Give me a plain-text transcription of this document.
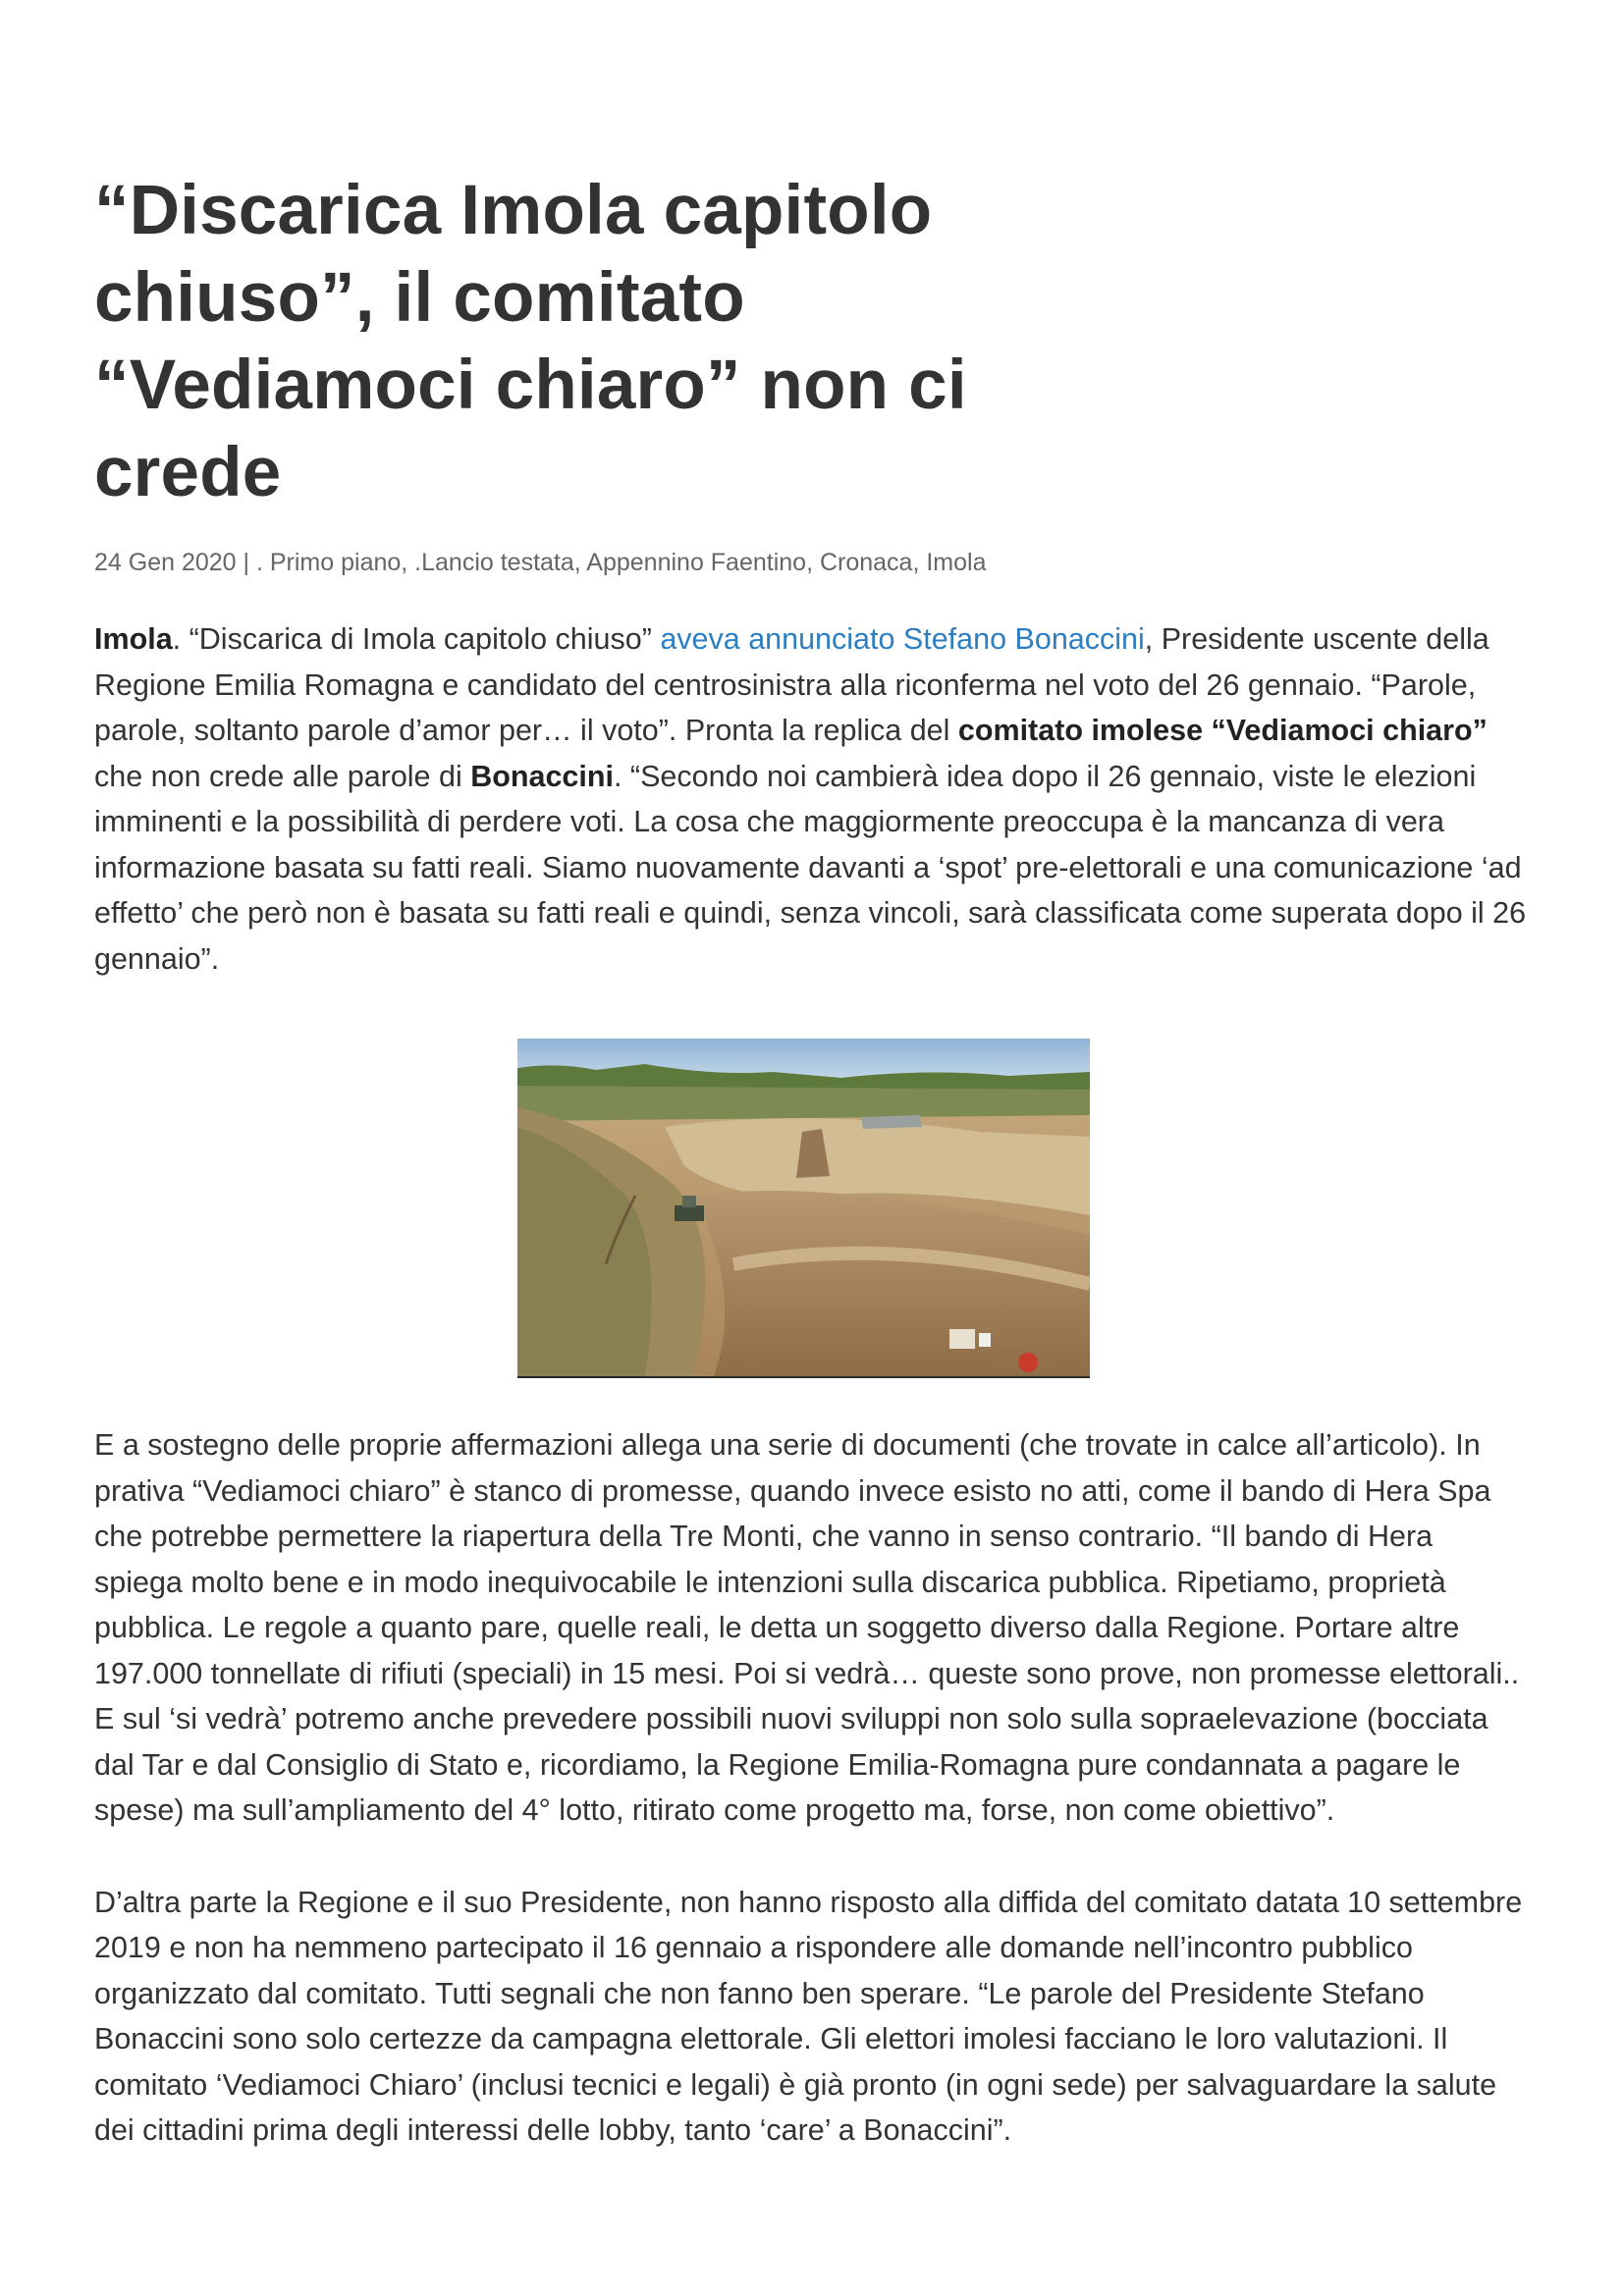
“Discarica Imola capitolo chiuso”, il comitato “Vediamoci chiaro” non ci crede
24 Gen 2020 | . Primo piano, .Lancio testata, Appennino Faentino, Cronaca, Imola

Imola. “Discarica di Imola capitolo chiuso” aveva annunciato Stefano Bonaccini, Presidente uscente della Regione Emilia Romagna e candidato del centrosinistra alla riconferma nel voto del 26 gennaio. “Parole, parole, soltanto parole d’amor per… il voto”. Pronta la replica del comitato imolese “Vediamoci chiaro” che non crede alle parole di Bonaccini. “Secondo noi cambierà idea dopo il 26 gennaio, viste le elezioni imminenti e la possibilità di perdere voti. La cosa che maggiormente preoccupa è la mancanza di vera informazione basata su fatti reali. Siamo nuovamente davanti a ‘spot’ pre-elettorali e una comunicazione ‘ad effetto’ che però non è basata su fatti reali e quindi, senza vincoli, sarà classificata come superata dopo il 26 gennaio”.

E a sostegno delle proprie affermazioni allega una serie di documenti (che trovate in calce all’articolo). In prativa “Vediamoci chiaro” è stanco di promesse, quando invece esisto no atti, come il bando di Hera Spa che potrebbe permettere la riapertura della Tre Monti, che vanno in senso contrario. “Il bando di Hera spiega molto bene e in modo inequivocabile le intenzioni sulla discarica pubblica. Ripetiamo, proprietà pubblica. Le regole a quanto pare, quelle reali, le detta un soggetto diverso dalla Regione. Portare altre 197.000 tonnellate di rifiuti (speciali) in 15 mesi. Poi si vedrà… queste sono prove, non promesse elettorali.. E sul ‘si vedrà’ potremo anche prevedere possibili nuovi sviluppi non solo sulla sopraelevazione (bocciata dal Tar e dal Consiglio di Stato e, ricordiamo, la Regione Emilia-Romagna pure condannata a pagare le spese) ma sull’ampliamento del 4° lotto, ritirato come progetto ma, forse, non come obiettivo”.

D’altra parte la Regione e il suo Presidente, non hanno risposto alla diffida del comitato datata 10 settembre 2019 e non ha nemmeno partecipato il 16 gennaio a rispondere alle domande nell’incontro pubblico organizzato dal comitato. Tutti segnali che non fanno ben sperare. “Le parole del Presidente Stefano Bonaccini sono solo certezze da campagna elettorale. Gli elettori imolesi facciano le loro valutazioni. Il comitato ‘Vediamoci Chiaro’ (inclusi tecnici e legali) è già pronto (in ogni sede) per salvaguardare la salute dei cittadini prima degli interessi delle lobby, tanto ‘care’ a Bonaccini”.
